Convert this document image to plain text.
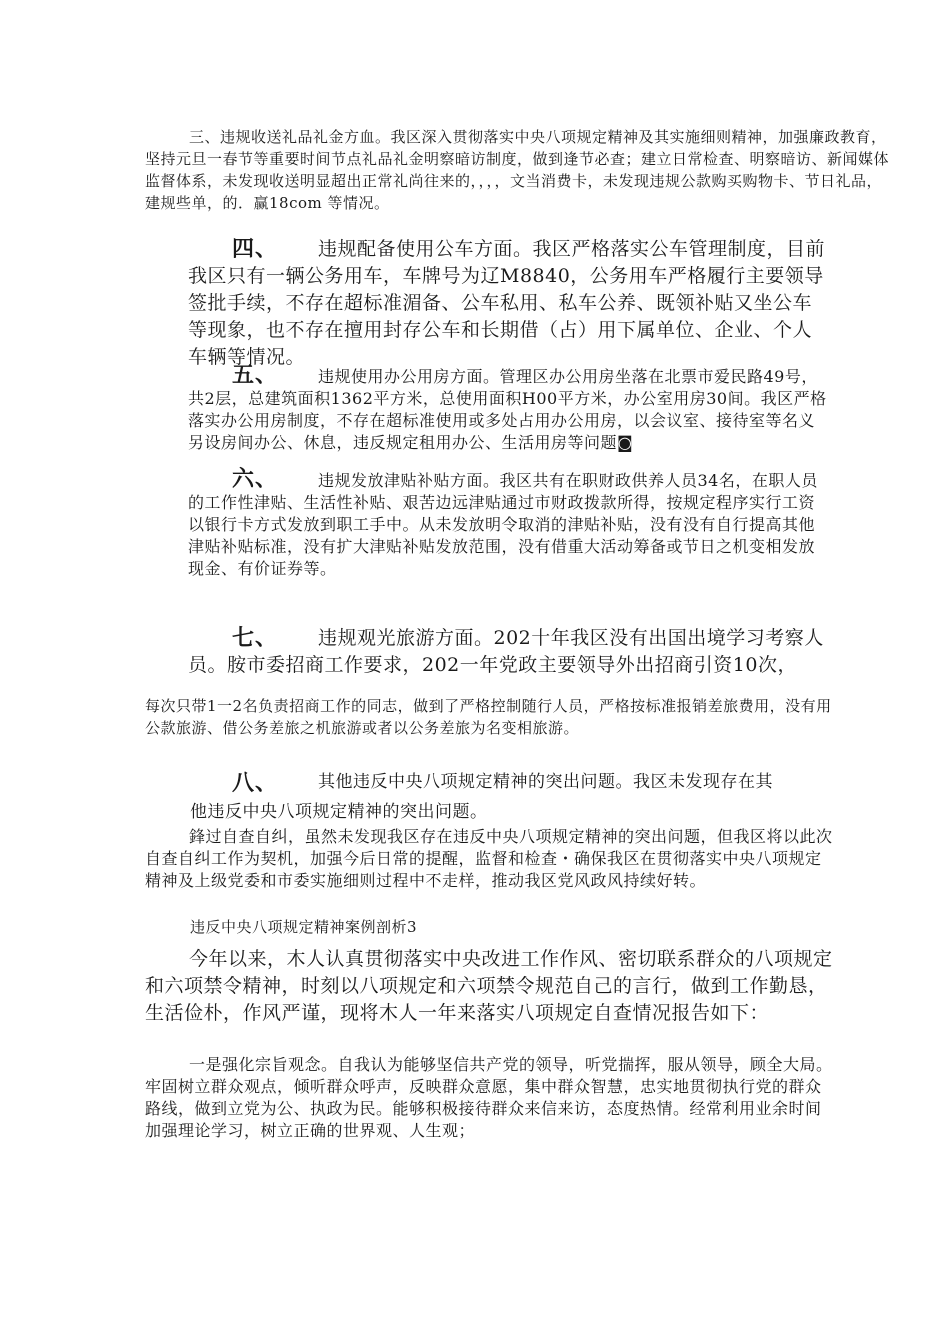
三、违规收送礼品礼金方血。我区深入贯彻落实中央八项规定精神及其实施细则精神，加强廉政教育，坚持元旦一春节等重要时间节点礼品礼金明察暗访制度，做到逢节必查；建立日常检查、明察暗访、新闻媒体监督体系，未发现收送明显超出正常礼尚往来的，，，，文当消费卡，未发现违规公款购买购物卡、节日礼品，建规些单，的．赢18com 等情况。

四、	违规配备使用公车方面。我区严格落实公车管理制度，目前我区只有一辆公务用车，车牌号为辽M8840，公务用车严格履行主要领导签批手续，不存在超标准湄备、公车私用、私车公养、既领补贴又坐公车等现象，也不存在擅用封存公车和长期借（占）用下属单位、企业、个人车辆等情况。

五、	违规使用办公用房方面。管理区办公用房坐落在北票市爱民路49号，共2层，总建筑面积1362平方米，总使用面积H00平方米，办公室用房30间。我区严格落实办公用房制度，不存在超标准使用或多处占用办公用房，以会议室、接待室等名义另设房间办公、休息，违反规定租用办公、生活用房等问题◙

六、	违规发放津贴补贴方面。我区共有在职财政供养人员34名，在职人员的工作性津贴、生活性补贴、艰苦边远津贴通过市财政拨款所得，按规定程序实行工资以银行卡方式发放到职工手中。从未发放明令取消的津贴补贴，没有没有自行提高其他津贴补贴标准，没有扩大津贴补贴发放范围，没有借重大活动筹备或节日之机变相发放现金、有价证券等。

七、	违规观光旅游方面。202十年我区没有出国出境学习考察人员。胺市委招商工作要求，202一年党政主要领导外出招商引资10次，

每次只带1一2名负责招商工作的同志，做到了严格控制随行人员，严格按标准报销差旅费用，没有用公款旅游、借公务差旅之机旅游或者以公务差旅为名变相旅游。

八、 其他违反中央八项规定精神的突出问题。我区未发现存在其

他违反中央八项规定精神的突出问题。

鋒过自查自纠，虽然未发现我区存在违反中央八项规定精神的突出问题，但我区将以此次自查自纠工作为契机，加强今后日常的提醒，监督和检查・确保我区在贯彻落实中央八项规定精神及上级党委和市委实施细则过程中不走样，推动我区党风政风持续好转。

违反中央八项规定精神案例剖析3

今年以来，木人认真贯彻落实中央改进工作作风、密切联系群众的八项规定和六项禁令精神，时刻以八项规定和六项禁令规范自己的言行，做到工作勤恳，生活俭朴，作风严谨，现将木人一年来落实八项规定自查情况报告如下：

一是强化宗旨观念。自我认为能够坚信共产党的领导，听党揣挥，服从领导，顾全大局。牢固树立群众观点，倾听群众呼声，反映群众意愿，集中群众智慧，忠实地贯彻执行党的群众路线，做到立党为公、执政为民。能够积极接待群众来信来访，态度热情。经常利用业余时间加强理论学习，树立正确的世界观、人生观；
